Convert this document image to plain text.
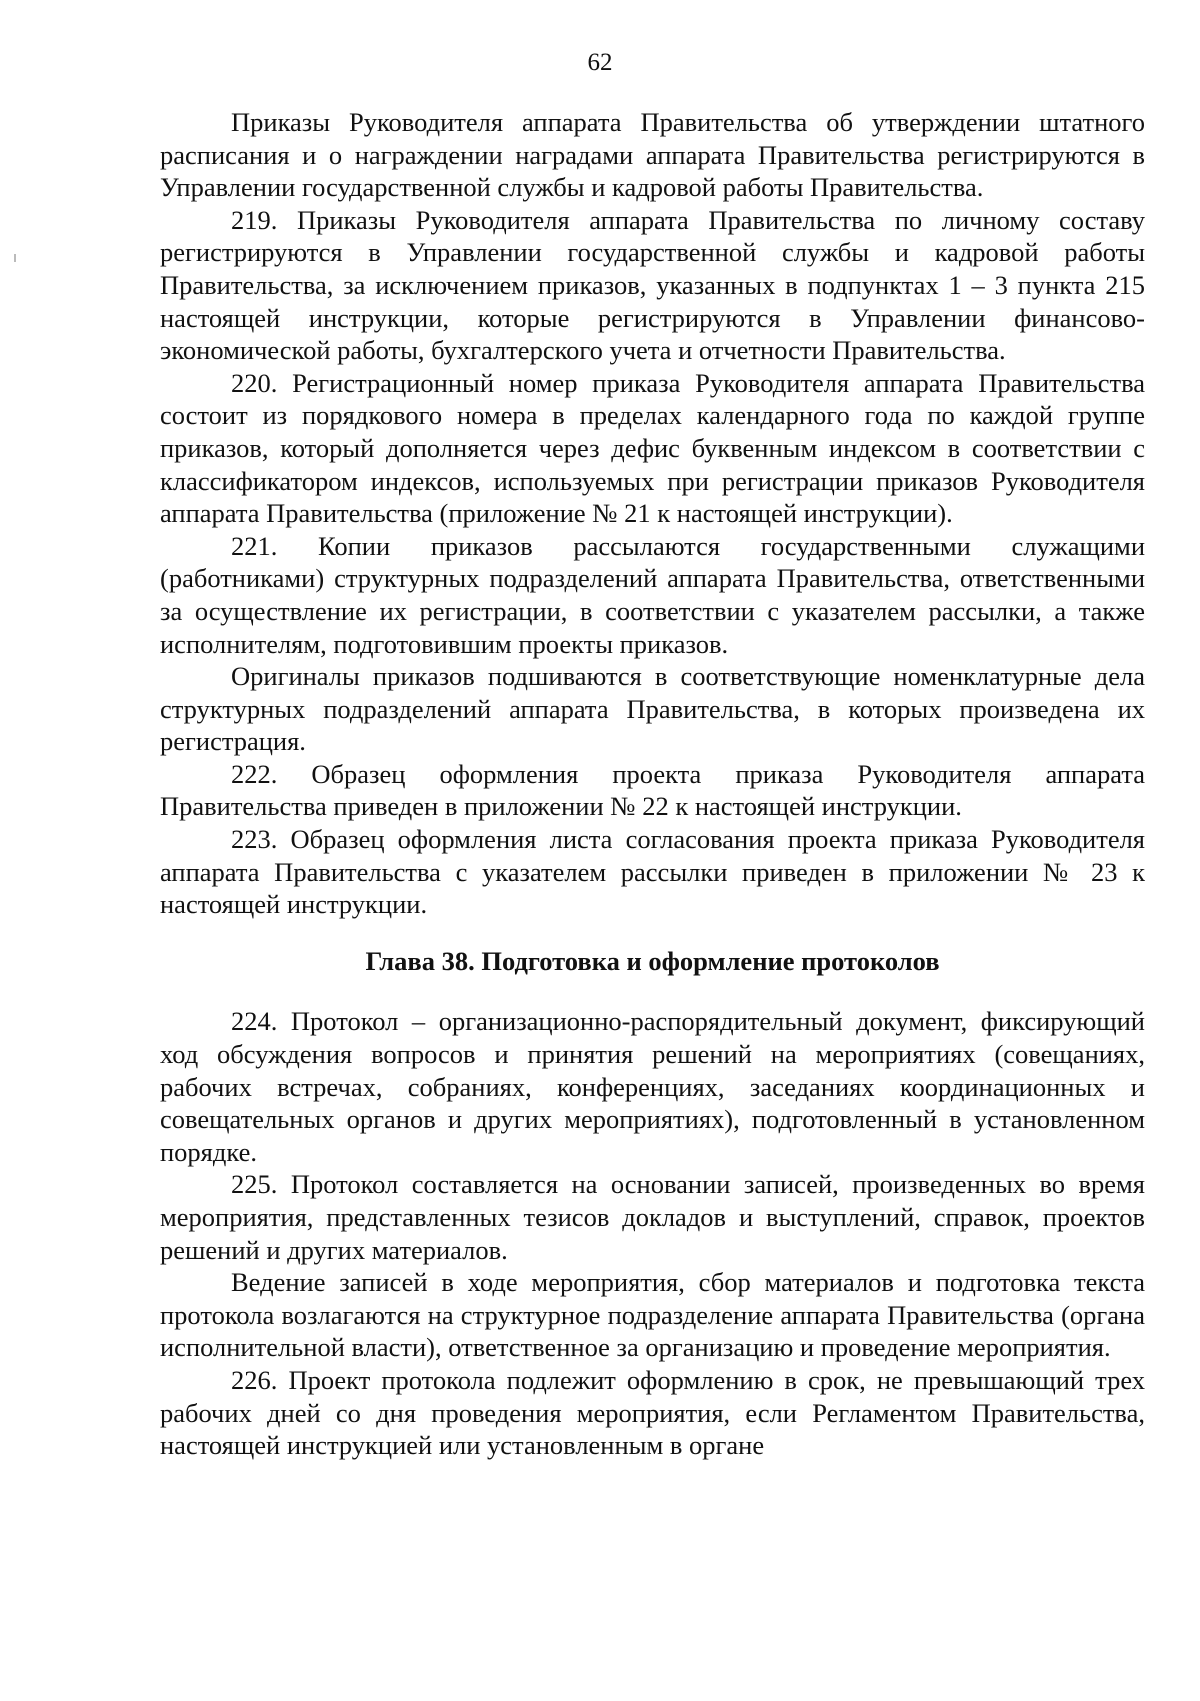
62

Приказы Руководителя аппарата Правительства об утверждении штатного расписания и о награждении наградами аппарата Правительства регистрируются в Управлении государственной службы и кадровой работы Правительства.

219. Приказы Руководителя аппарата Правительства по личному составу регистрируются в Управлении государственной службы и кадровой работы Правительства, за исключением приказов, указанных в подпунктах 1 – 3 пункта 215 настоящей инструкции, которые регистрируются в Управлении финансово-экономической работы, бухгалтерского учета и отчетности Правительства.

220. Регистрационный номер приказа Руководителя аппарата Правительства состоит из порядкового номера в пределах календарного года по каждой группе приказов, который дополняется через дефис буквенным индексом в соответствии с классификатором индексов, используемых при регистрации приказов Руководителя аппарата Правительства (приложение № 21 к настоящей инструкции).

221. Копии приказов рассылаются государственными служащими (работниками) структурных подразделений аппарата Правительства, ответственными за осуществление их регистрации, в соответствии с указателем рассылки, а также исполнителям, подготовившим проекты приказов.

Оригиналы приказов подшиваются в соответствующие номенклатурные дела структурных подразделений аппарата Правительства, в которых произведена их регистрация.

222. Образец оформления проекта приказа Руководителя аппарата Правительства приведен в приложении № 22 к настоящей инструкции.

223. Образец оформления листа согласования проекта приказа Руководителя аппарата Правительства с указателем рассылки приведен в приложении № 23 к настоящей инструкции.

Глава 38. Подготовка и оформление протоколов

224. Протокол – организационно-распорядительный документ, фиксирующий ход обсуждения вопросов и принятия решений на мероприятиях (совещаниях, рабочих встречах, собраниях, конференциях, заседаниях координационных и совещательных органов и других мероприятиях), подготовленный в установленном порядке.

225. Протокол составляется на основании записей, произведенных во время мероприятия, представленных тезисов докладов и выступлений, справок, проектов решений и других материалов.

Ведение записей в ходе мероприятия, сбор материалов и подготовка текста протокола возлагаются на структурное подразделение аппарата Правительства (органа исполнительной власти), ответственное за организацию и проведение мероприятия.

226. Проект протокола подлежит оформлению в срок, не превышающий трех рабочих дней со дня проведения мероприятия, если Регламентом Правительства, настоящей инструкцией или установленным в органе
